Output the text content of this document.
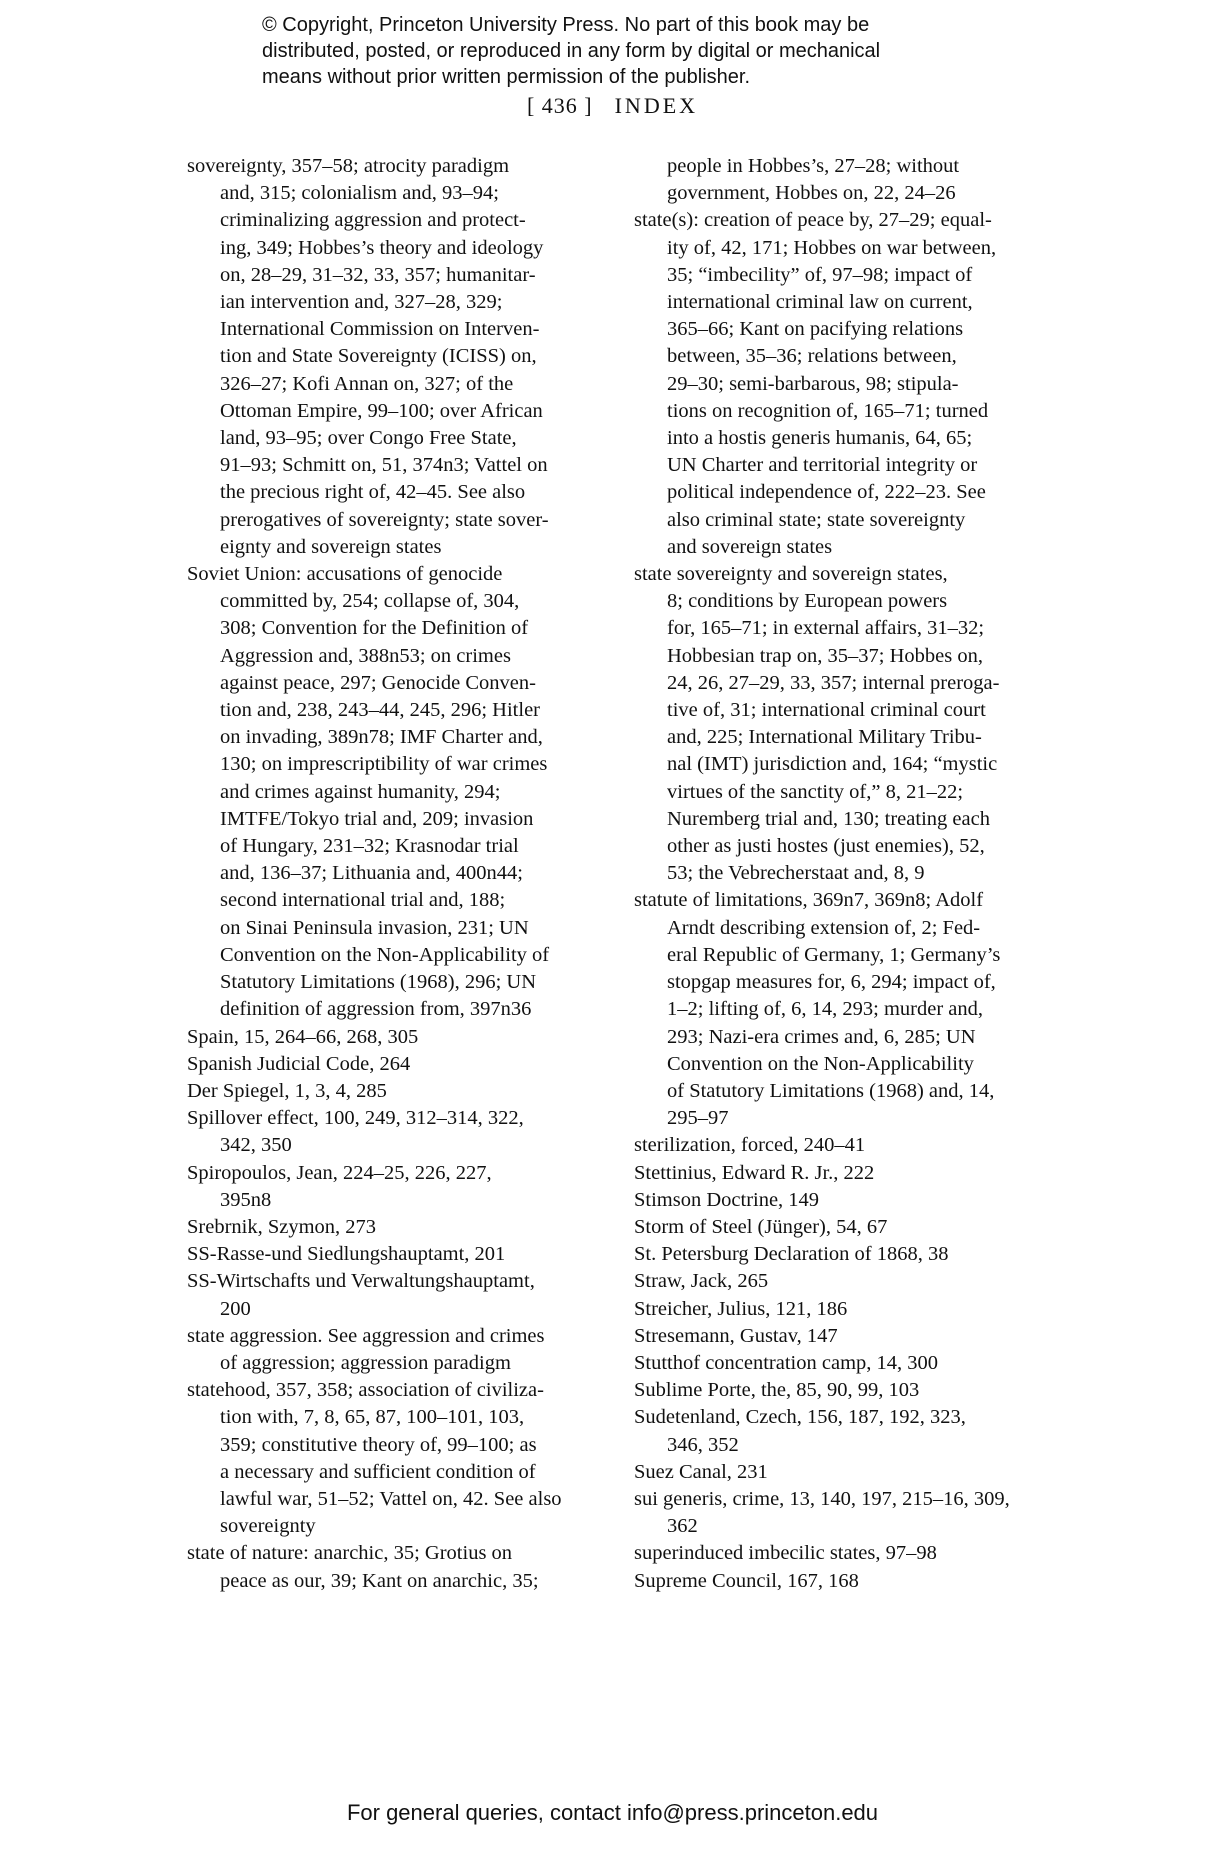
© Copyright, Princeton University Press. No part of this book may be
distributed, posted, or reproduced in any form by digital or mechanical
means without prior written permission of the publisher.
[ 436 ] INDEX
sovereignty, 357–58; atrocity paradigm
and, 315; colonialism and, 93–94;
criminalizing aggression and protect-
ing, 349; Hobbes’s theory and ideology
on, 28–29, 31–32, 33, 357; humanitar-
ian intervention and, 327–28, 329;
International Commission on Interven-
tion and State Sovereignty (ICISS) on,
326–27; Kofi Annan on, 327; of the
Ottoman Empire, 99–100; over African
land, 93–95; over Congo Free State,
91–93; Schmitt on, 51, 374n3; Vattel on
the precious right of, 42–45. See also
prerogatives of sovereignty; state sover-
eignty and sovereign states
Soviet Union: accusations of genocide
committed by, 254; collapse of, 304,
308; Convention for the Definition of
Aggression and, 388n53; on crimes
against peace, 297; Genocide Conven-
tion and, 238, 243–44, 245, 296; Hitler
on invading, 389n78; IMF Charter and,
130; on imprescriptibility of war crimes
and crimes against humanity, 294;
IMTFE/Tokyo trial and, 209; invasion
of Hungary, 231–32; Krasnodar trial
and, 136–37; Lithuania and, 400n44;
second international trial and, 188;
on Sinai Peninsula invasion, 231; UN
Convention on the Non-Applicability of
Statutory Limitations (1968), 296; UN
definition of aggression from, 397n36
Spain, 15, 264–66, 268, 305
Spanish Judicial Code, 264
Der Spiegel, 1, 3, 4, 285
Spillover effect, 100, 249, 312–314, 322,
342, 350
Spiropoulos, Jean, 224–25, 226, 227,
395n8
Srebrnik, Szymon, 273
SS-Rasse-und Siedlungshauptamt, 201
SS-Wirtschafts und Verwaltungshauptamt,
200
state aggression. See aggression and crimes
of aggression; aggression paradigm
statehood, 357, 358; association of civiliza-
tion with, 7, 8, 65, 87, 100–101, 103,
359; constitutive theory of, 99–100; as
a necessary and sufficient condition of
lawful war, 51–52; Vattel on, 42. See also
sovereignty
state of nature: anarchic, 35; Grotius on
peace as our, 39; Kant on anarchic, 35;
people in Hobbes’s, 27–28; without
government, Hobbes on, 22, 24–26
state(s): creation of peace by, 27–29; equal-
ity of, 42, 171; Hobbes on war between,
35; “imbecility” of, 97–98; impact of
international criminal law on current,
365–66; Kant on pacifying relations
between, 35–36; relations between,
29–30; semi-barbarous, 98; stipula-
tions on recognition of, 165–71; turned
into a hostis generis humanis, 64, 65;
UN Charter and territorial integrity or
political independence of, 222–23. See
also criminal state; state sovereignty
and sovereign states
state sovereignty and sovereign states,
8; conditions by European powers
for, 165–71; in external affairs, 31–32;
Hobbesian trap on, 35–37; Hobbes on,
24, 26, 27–29, 33, 357; internal preroga-
tive of, 31; international criminal court
and, 225; International Military Tribu-
nal (IMT) jurisdiction and, 164; “mystic
virtues of the sanctity of,” 8, 21–22;
Nuremberg trial and, 130; treating each
other as justi hostes (just enemies), 52,
53; the Vebrecherstaat and, 8, 9
statute of limitations, 369n7, 369n8; Adolf
Arndt describing extension of, 2; Fed-
eral Republic of Germany, 1; Germany’s
stopgap measures for, 6, 294; impact of,
1–2; lifting of, 6, 14, 293; murder and,
293; Nazi-era crimes and, 6, 285; UN
Convention on the Non-Applicability
of Statutory Limitations (1968) and, 14,
295–97
sterilization, forced, 240–41
Stettinius, Edward R. Jr., 222
Stimson Doctrine, 149
Storm of Steel (Jünger), 54, 67
St. Petersburg Declaration of 1868, 38
Straw, Jack, 265
Streicher, Julius, 121, 186
Stresemann, Gustav, 147
Stutthof concentration camp, 14, 300
Sublime Porte, the, 85, 90, 99, 103
Sudetenland, Czech, 156, 187, 192, 323,
346, 352
Suez Canal, 231
sui generis, crime, 13, 140, 197, 215–16, 309,
362
superinduced imbecilic states, 97–98
Supreme Council, 167, 168
For general queries, contact info@press.princeton.edu
